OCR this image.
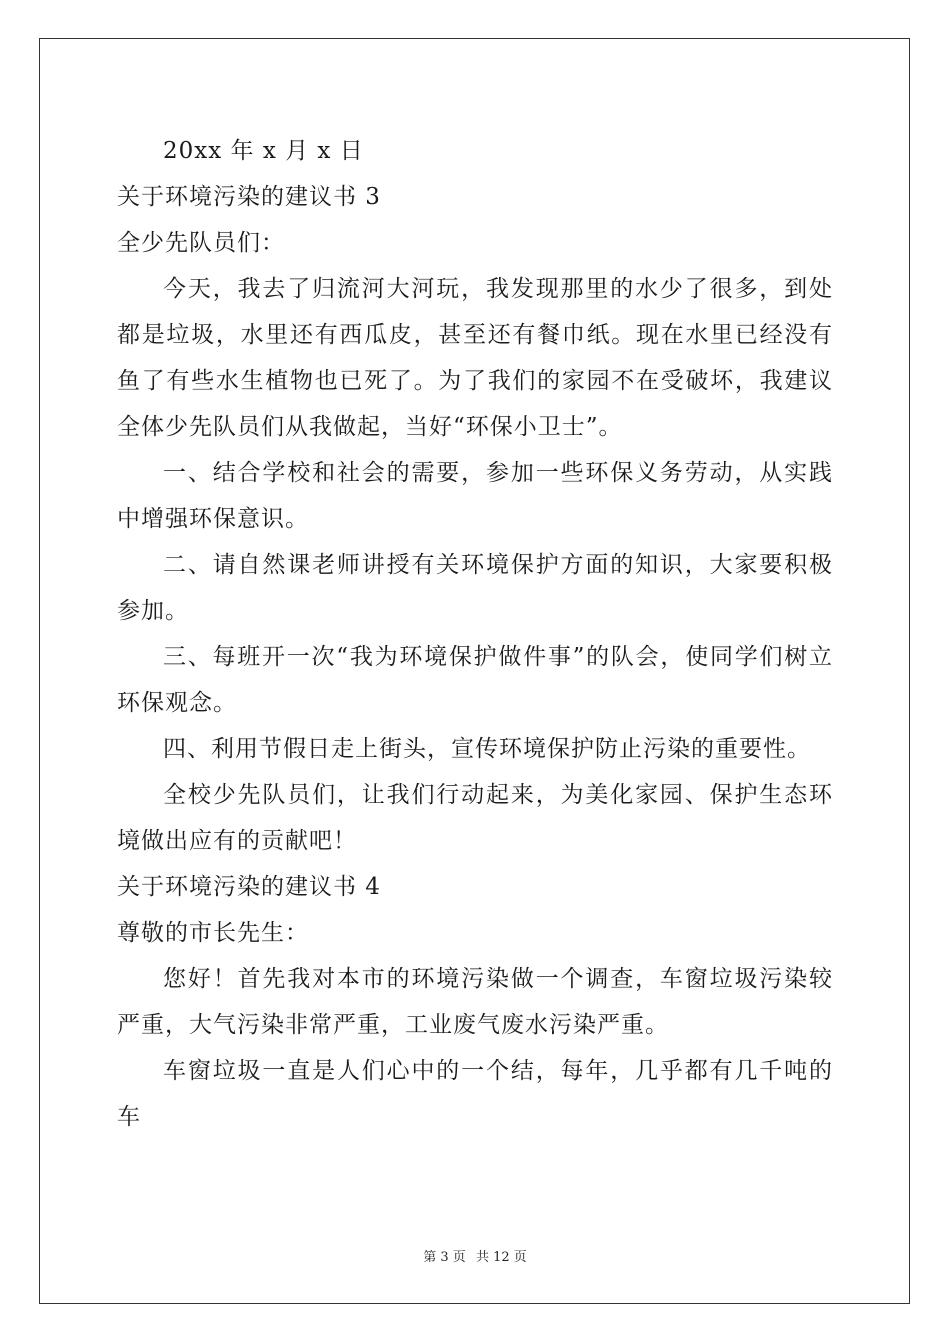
20xx 年 x 月 x 日

关于环境污染的建议书 3

全少先队员们：

今天，我去了归流河大河玩，我发现那里的水少了很多，到处都是垃圾，水里还有西瓜皮，甚至还有餐巾纸。现在水里已经没有鱼了有些水生植物也已死了。为了我们的家园不在受破坏，我建议全体少先队员们从我做起，当好“环保小卫士”。

一、结合学校和社会的需要，参加一些环保义务劳动，从实践中增强环保意识。

二、请自然课老师讲授有关环境保护方面的知识，大家要积极参加。

三、每班开一次“我为环境保护做件事”的队会，使同学们树立环保观念。

四、利用节假日走上街头，宣传环境保护防止污染的重要性。

全校少先队员们，让我们行动起来，为美化家园、保护生态环境做出应有的贡献吧！

关于环境污染的建议书 4

尊敬的市长先生：

您好！首先我对本市的环境污染做一个调查，车窗垃圾污染较严重，大气污染非常严重，工业废气废水污染严重。

车窗垃圾一直是人们心中的一个结，每年，几乎都有几千吨的车

第 3 页 共 12 页
